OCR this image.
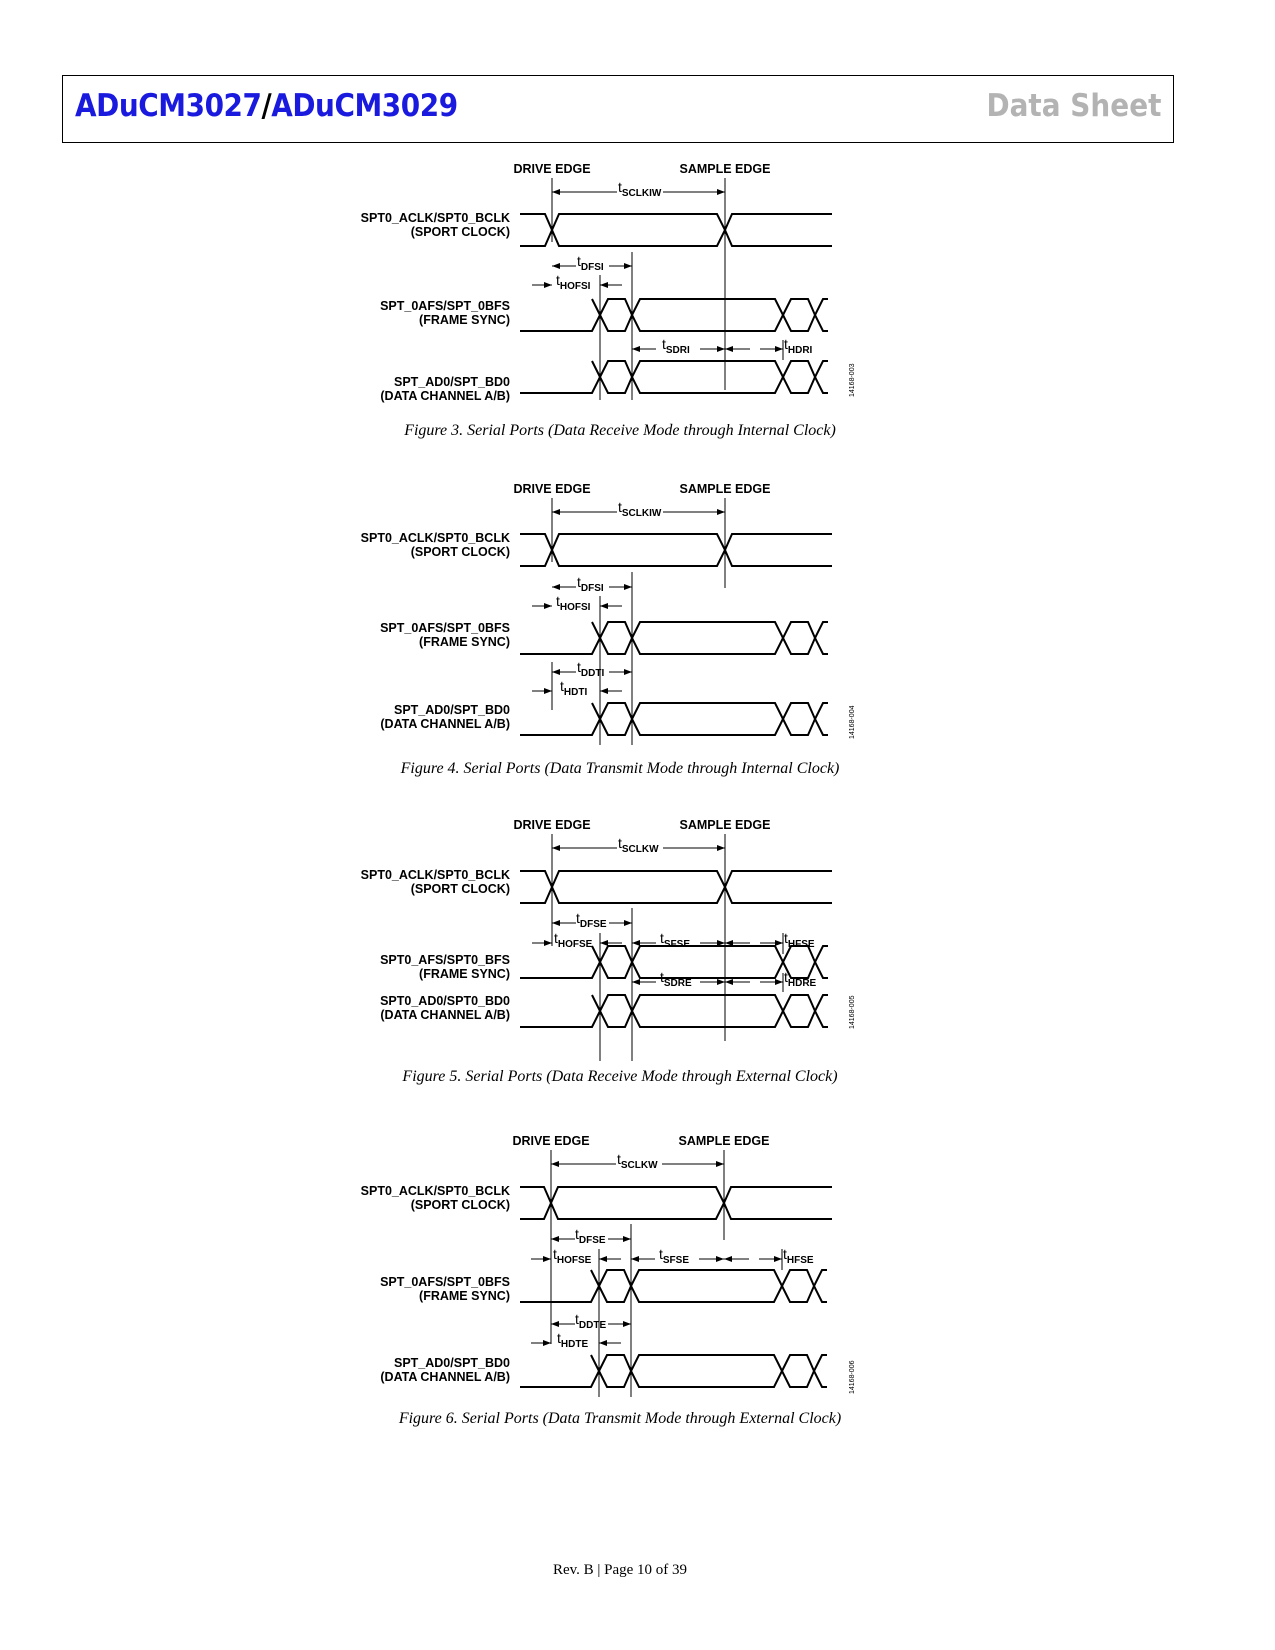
ADuCM3027/ADuCM3029	Data Sheet
DRIVE EDGE	SAMPLE EDGE
$t_{SCLKIW}$
SPT0_ACLK/SPT0_BCLK
(SPORT CLOCK)
$t_{DFSI}$
$t_{HOFSI}$
SPT_0AFS/SPT_0BFS
(FRAME SYNC)
$t_{SDRI}$	$t_{HDRI}$
SPT_AD0/SPT_BD0
(DATA CHANNEL A/B)	14168-003
Figure 3. Serial Ports (Data Receive Mode through Internal Clock)
DRIVE EDGE	SAMPLE EDGE
$t_{SCLKIW}$
SPT0_ACLK/SPT0_BCLK
(SPORT CLOCK)
$t_{DFSI}$
$t_{HOFSI}$
SPT_0AFS/SPT_0BFS
(FRAME SYNC)
$t_{DDTI}$
$t_{HDTI}$
SPT_AD0/SPT_BD0
(DATA CHANNEL A/B)	14168-004
Figure 4. Serial Ports (Data Transmit Mode through Internal Clock)
DRIVE EDGE	SAMPLE EDGE
$t_{SCLKW}$
SPT0_ACLK/SPT0_BCLK
(SPORT CLOCK)
$t_{DFSE}$
$t_{HOFSE}$	$t_{SFSE}$	$t_{HFSE}$
SPT0_AFS/SPT0_BFS
(FRAME SYNC)	$t_{SDRE}$	$t_{HDRE}$
SPT0_AD0/SPT0_BD0
(DATA CHANNEL A/B)	14168-005
Figure 5. Serial Ports (Data Receive Mode through External Clock)
DRIVE EDGE	SAMPLE EDGE
$t_{SCLKW}$
SPT0_ACLK/SPT0_BCLK
(SPORT CLOCK)
$t_{DFSE}$
$t_{HOFSE}$	$t_{SFSE}$	$t_{HFSE}$
SPT_0AFS/SPT_0BFS
(FRAME SYNC)
$t_{DDTE}$
$t_{HDTE}$
SPT_AD0/SPT_BD0
(DATA CHANNEL A/B)	14168-006
Figure 6. Serial Ports (Data Transmit Mode through External Clock)
Rev. B | Page 10 of 39
